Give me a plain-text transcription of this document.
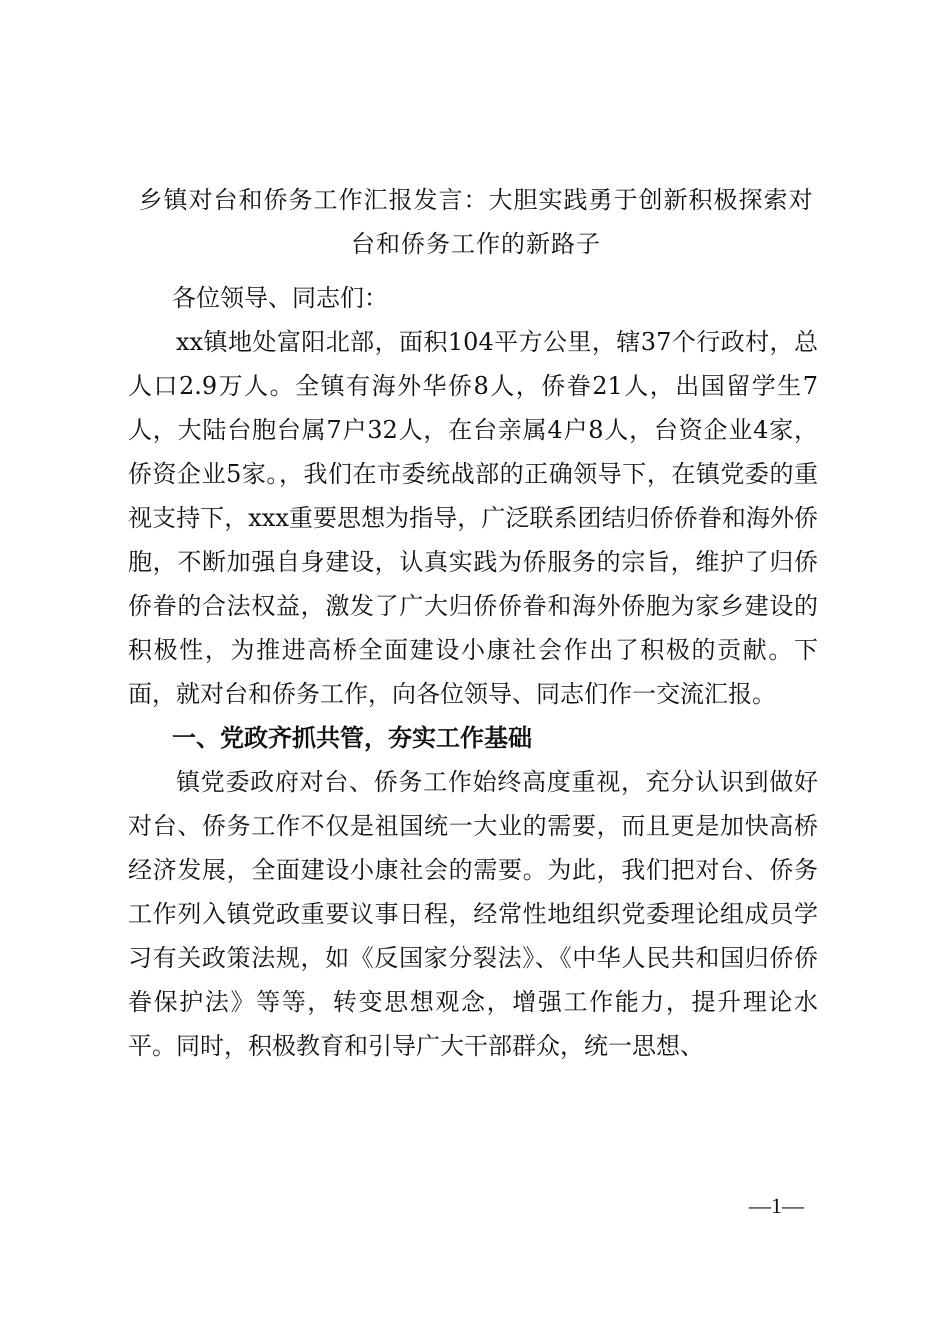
乡镇对台和侨务工作汇报发言：大胆实践勇于创新积极探索对台和侨务工作的新路子

各位领导、同志们：

xx镇地处富阳北部，面积104平方公里，辖37个行政村，总人口2.9万人。全镇有海外华侨8人，侨眷21人，出国留学生7人，大陆台胞台属7户32人，在台亲属4户8人，台资企业4家，侨资企业5家。，我们在市委统战部的正确领导下，在镇党委的重视支持下，xxx重要思想为指导，广泛联系团结归侨侨眷和海外侨胞，不断加强自身建设，认真实践为侨服务的宗旨，维护了归侨侨眷的合法权益，激发了广大归侨侨眷和海外侨胞为家乡建设的积极性，为推进高桥全面建设小康社会作出了积极的贡献。下面，就对台和侨务工作，向各位领导、同志们作一交流汇报。

一、党政齐抓共管，夯实工作基础

镇党委政府对台、侨务工作始终高度重视，充分认识到做好对台、侨务工作不仅是祖国统一大业的需要，而且更是加快高桥经济发展，全面建设小康社会的需要。为此，我们把对台、侨务工作列入镇党政重要议事日程，经常性地组织党委理论组成员学习有关政策法规，如《反国家分裂法》、《中华人民共和国归侨侨眷保护法》等等，转变思想观念，增强工作能力，提升理论水平。同时，积极教育和引导广大干部群众，统一思想、

—1—
